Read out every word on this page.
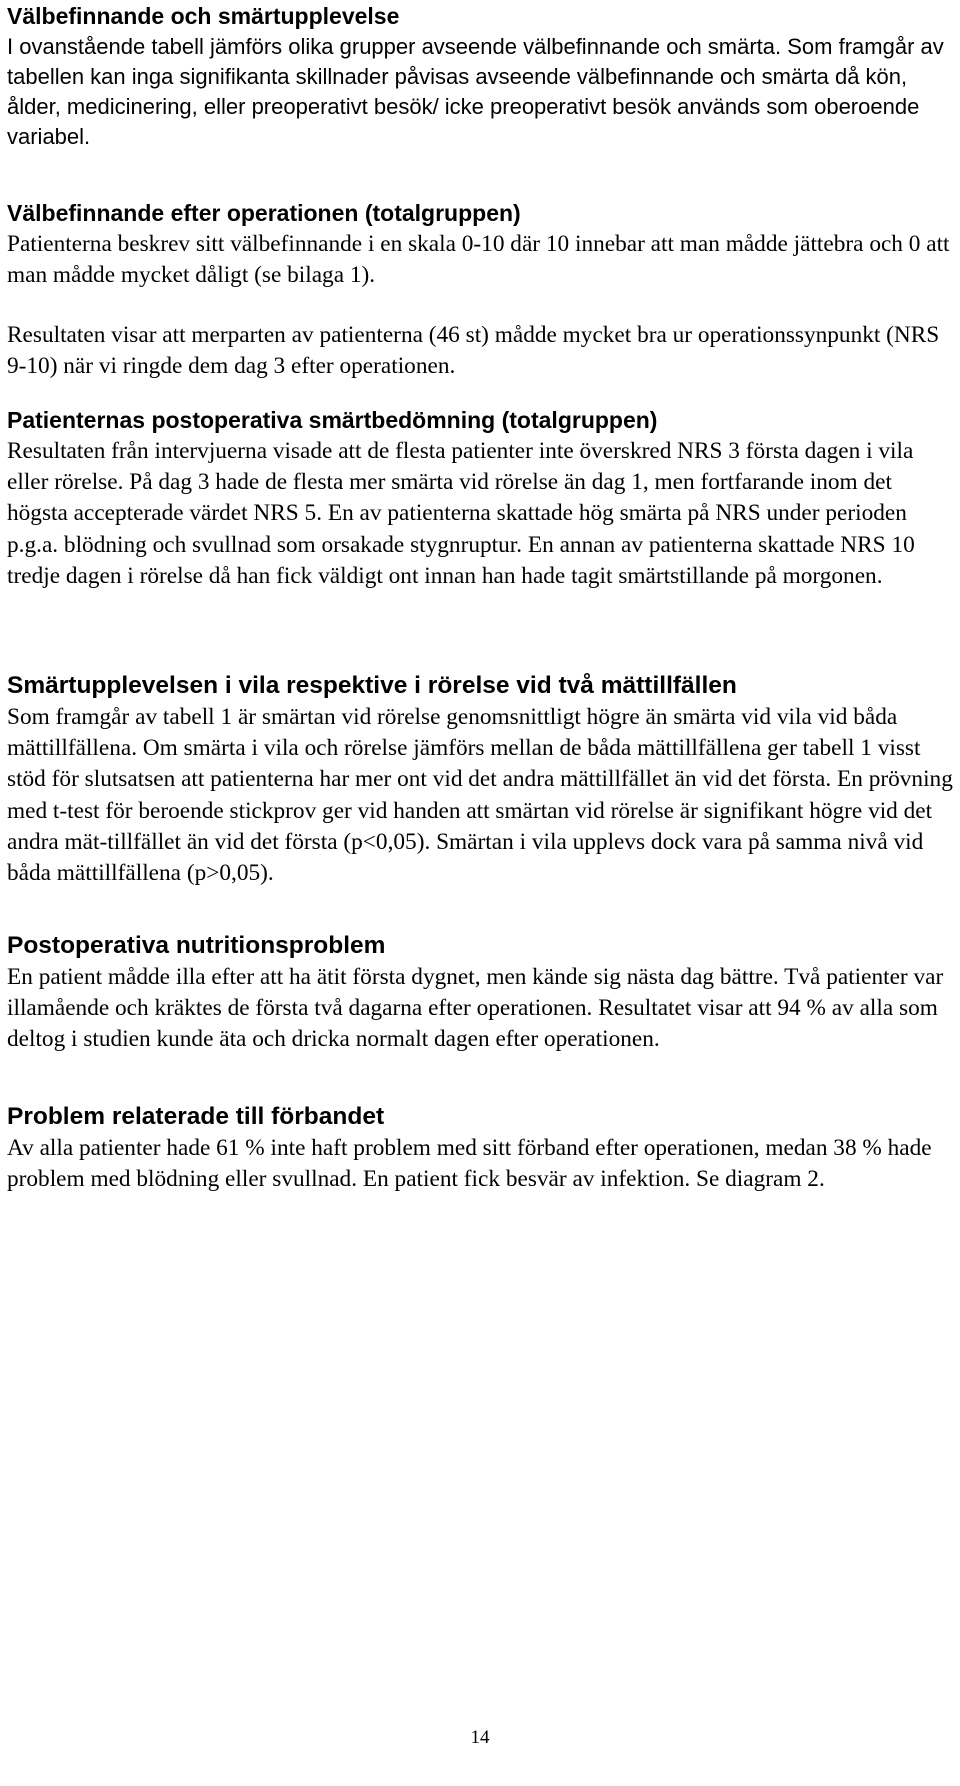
Välbefinnande och smärtupplevelse

I ovanstående tabell jämförs olika grupper avseende välbefinnande och smärta. Som framgår av tabellen kan inga signifikanta skillnader påvisas avseende välbefinnande och smärta då kön, ålder, medicinering, eller preoperativt besök/ icke preoperativt besök används som oberoende variabel.

Välbefinnande efter operationen (totalgruppen)

Patienterna beskrev sitt välbefinnande i en skala 0-10 där 10 innebar att man mådde jättebra och 0 att man mådde mycket dåligt (se bilaga 1).

Resultaten visar att merparten av patienterna (46 st) mådde mycket bra ur operationssynpunkt (NRS 9-10) när vi ringde dem dag 3 efter operationen.

Patienternas postoperativa smärtbedömning (totalgruppen)

Resultaten från intervjuerna visade att de flesta patienter inte överskred NRS 3 första dagen i vila eller rörelse. På dag 3 hade de flesta mer smärta vid rörelse än dag 1, men fortfarande inom det högsta accepterade värdet NRS 5. En av patienterna skattade hög smärta på NRS under perioden p.g.a. blödning och svullnad som orsakade stygnruptur. En annan av patienterna skattade NRS 10 tredje dagen i rörelse då han fick väldigt ont innan han hade tagit smärtstillande på morgonen.

Smärtupplevelsen i vila respektive i rörelse vid två mättillfällen

Som framgår av tabell 1 är smärtan vid rörelse genomsnittligt högre än smärta vid vila vid båda mättillfällena. Om smärta i vila och rörelse jämförs mellan de båda mättillfällena ger tabell 1 visst stöd för slutsatsen att patienterna har mer ont vid det andra mättillfället än vid det första. En prövning med t-test för beroende stickprov ger vid handen att smärtan vid rörelse är signifikant högre vid det andra mät-tillfället än vid det första (p<0,05). Smärtan i vila upplevs dock vara på samma nivå vid båda mättillfällena (p>0,05).

Postoperativa nutritionsproblem

En patient mådde illa efter att ha ätit första dygnet, men kände sig nästa dag bättre. Två patienter var illamående och kräktes de första två dagarna efter operationen. Resultatet visar att 94 % av alla som deltog i studien kunde äta och dricka normalt dagen efter operationen.

Problem relaterade till förbandet

Av alla patienter hade 61 % inte haft problem med sitt förband efter operationen, medan 38 % hade problem med blödning eller svullnad. En patient fick besvär av infektion. Se diagram 2.

14
